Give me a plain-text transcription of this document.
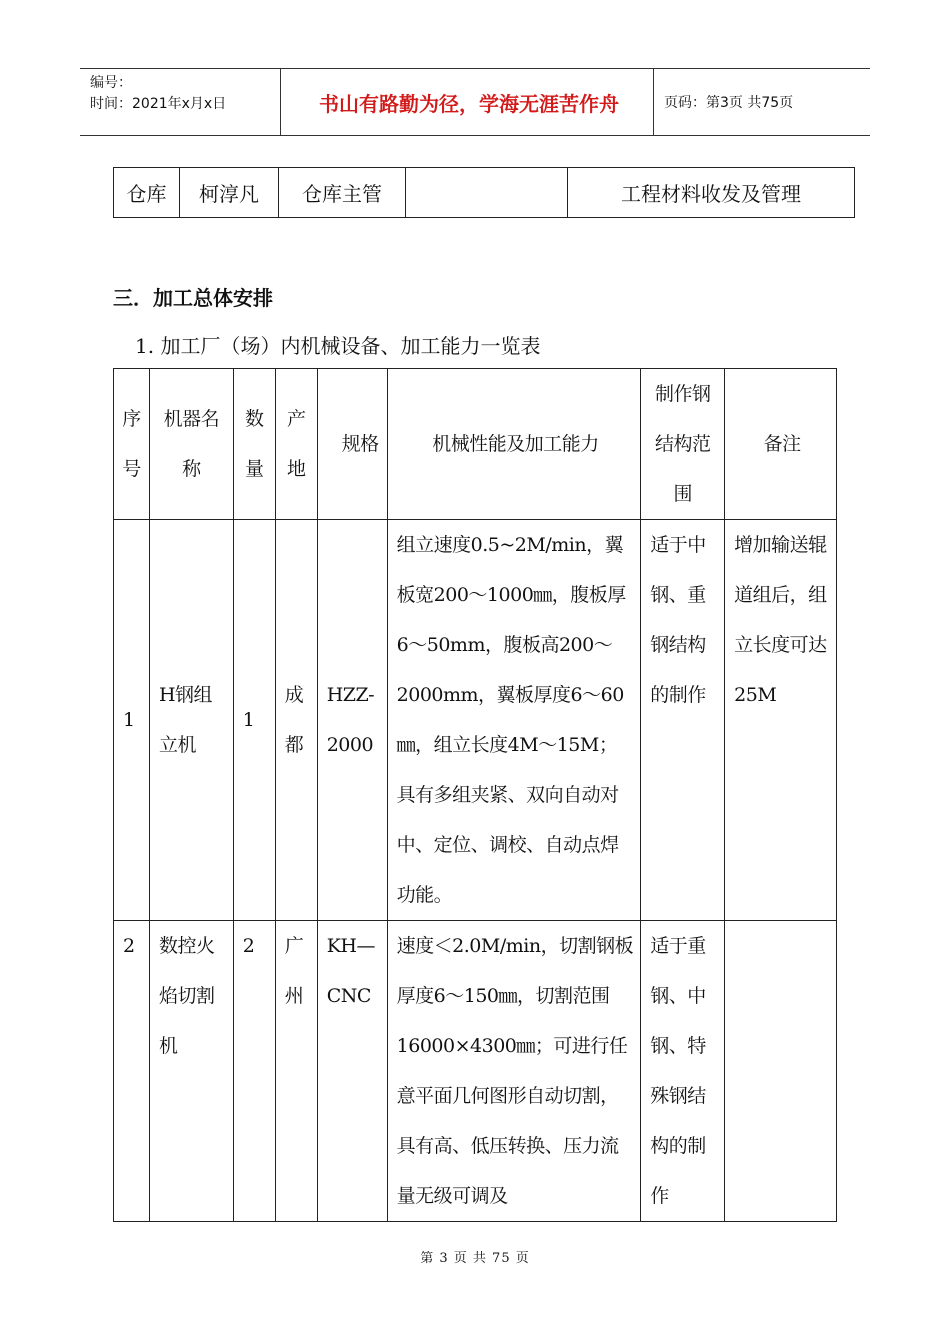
编号：
时间：2021年x月x日	书山有路勤为径，学海无涯苦作舟	页码：第3页 共75页
仓库	柯淳凡	仓库主管		工程材料收发及管理
三．加工总体安排
1. 加工厂（场）内机械设备、加工能力一览表
序号	机器名称	数量	产地	规格	机械性能及加工能力	制作钢结构范围	备注
1	H钢组立机	1	成都	HZZ-2000	组立速度0.5~2M/min，翼板宽200～1000㎜，腹板厚6～50mm，腹板高200～2000mm，翼板厚度6～60㎜，组立长度4M～15M；具有多组夹紧、双向自动对中、定位、调校、自动点焊功能。	适于中钢、重钢结构的制作	增加输送辊道组后，组立长度可达25M
2	数控火焰切割机	2	广州	KH—CNC	速度＜2.0M/min，切割钢板厚度6～150㎜，切割范围16000×4300㎜；可进行任意平面几何图形自动切割，具有高、低压转换、压力流量无级可调及	适于重钢、中钢、特殊钢结构的制作	
第 3 页 共 75 页
